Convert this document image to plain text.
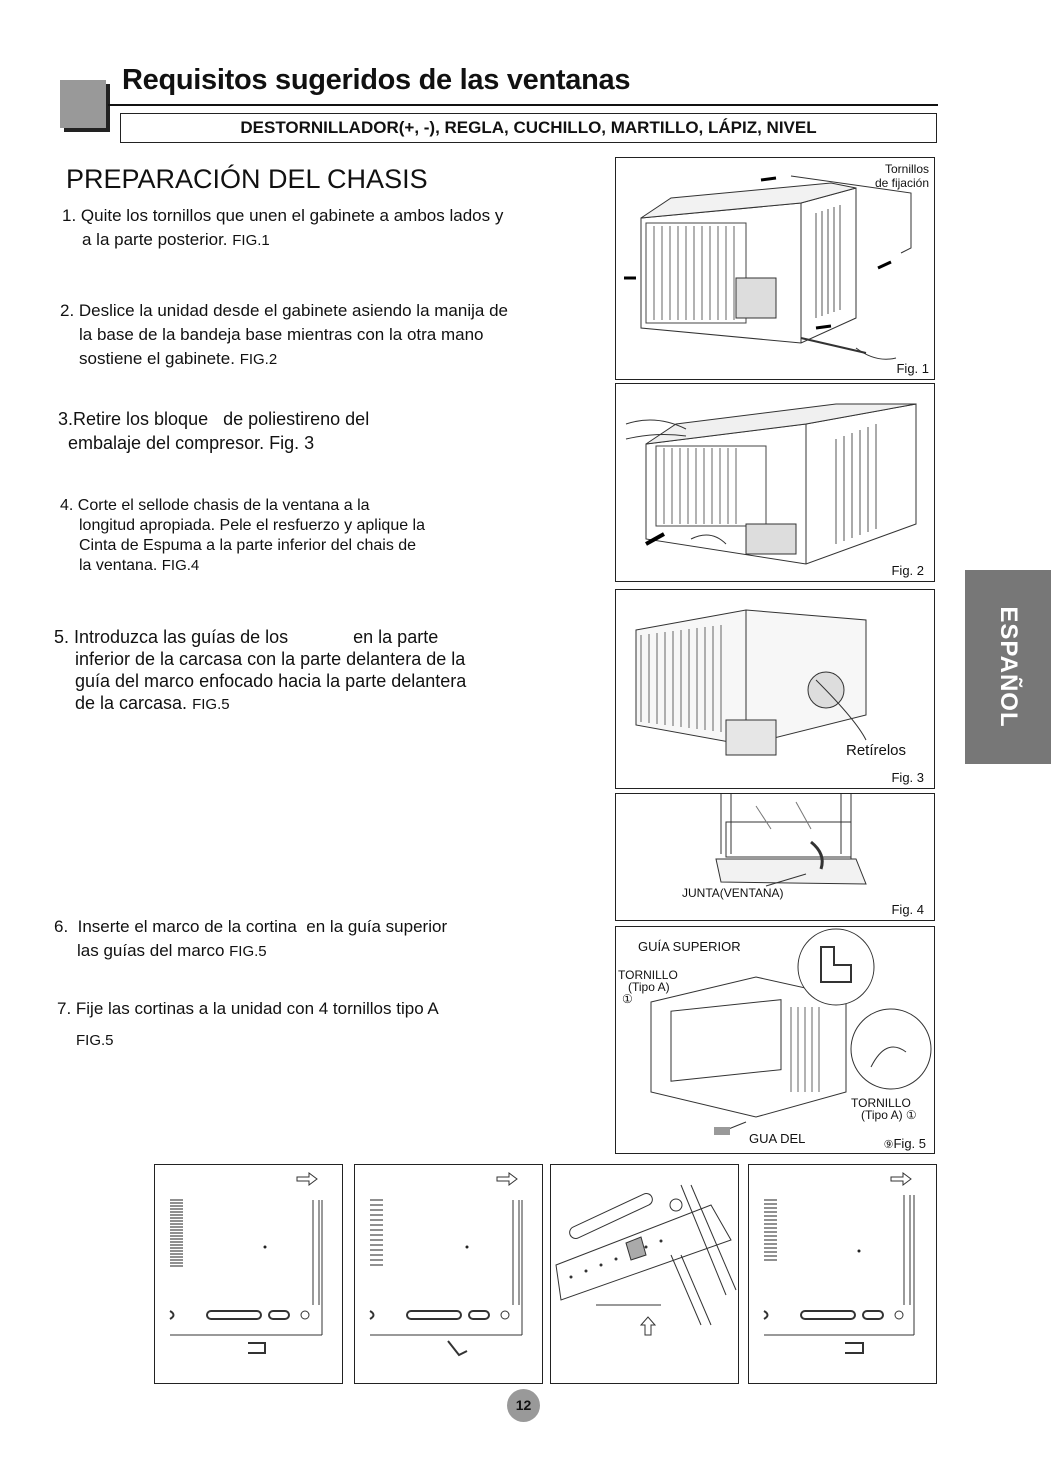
Requisitos sugeridos de las ventanas
DESTORNILLADOR(+, -), REGLA, CUCHILLO, MARTILLO, LÁPIZ, NIVEL
PREPARACIÓN DEL CHASIS
1. Quite los tornillos que unen el gabinete a ambos lados y
a la parte posterior. FIG.1
2. Deslice la unidad desde el gabinete asiendo la manija de
la base de la bandeja base mientras con la otra mano
sostiene el gabinete. FIG.2
3.Retire los bloque   de poliestireno del
embalaje del compresor. Fig. 3
4. Corte el sellode chasis de la ventana a la
longitud apropiada. Pele el resfuerzo y aplique la
Cinta de Espuma a la parte inferior del chais de
la ventana. FIG.4
5. Introduzca las guías de los             en la parte
inferior de la carcasa con la parte delantera de la
guía del marco enfocado hacia la parte delantera
de la carcasa. FIG.5
6.  Inserte el marco de la cortina  en la guía superior
las guías del marco FIG.5
7. Fije las cortinas a la unidad con 4 tornillos tipo A
FIG.5
Tornillos
de fijación
Fig. 1
Fig. 2
Retírelos
Fig. 3
JUNTA(VENTANA)
Fig. 4
GUÍA SUPERIOR
TORNILLO
(Tipo A)
①
TORNILLO
(Tipo A) ①
GUA DEL	⑨Fig. 5
ESPAÑOL
12
